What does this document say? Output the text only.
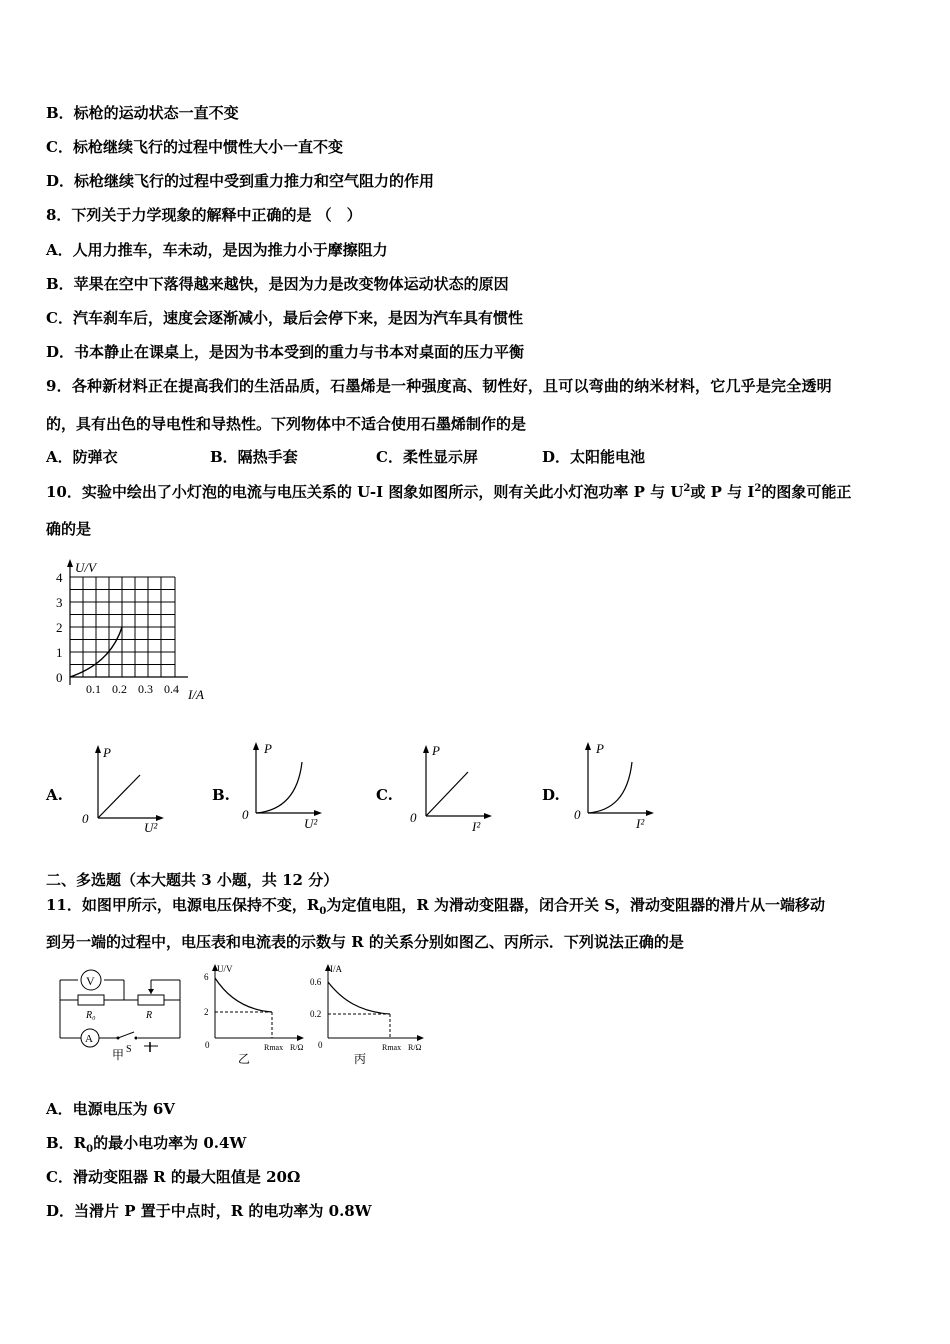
B．标枪的运动状态一直不变
C．标枪继续飞行的过程中惯性大小一直不变
D．标枪继续飞行的过程中受到重力推力和空气阻力的作用
8．下列关于力学现象的解释中正确的是 （　）
A．人用力推车，车未动，是因为推力小于摩擦阻力
B．苹果在空中下落得越来越快，是因为力是改变物体运动状态的原因
C．汽车刹车后，速度会逐渐减小，最后会停下来，是因为汽车具有惯性
D．书本静止在课桌上，是因为书本受到的重力与书本对桌面的压力平衡
9．各种新材料正在提高我们的生活品质，石墨烯是一种强度高、韧性好，且可以弯曲的纳米材料，它几乎是完全透明
的，具有出色的导电性和导热性。下列物体中不适合使用石墨烯制作的是
A．防弹衣	B．隔热手套	C．柔性显示屏	D．太阳能电池
10．实验中绘出了小灯泡的电流与电压关系的 U-I 图象如图所示，则有关此小灯泡功率 P 与 $U^2$或 P 与 $I^2$的图象可能正
确的是
U/V
4
3
2
1
0
0.1 0.2 0.3 0.4 I/A
A.
P
0
U²
B.
P
0
U²
C.
P
0
I²
D.
P
0
I²
二、多选题（本大题共 3 小题，共 12 分）
11．如图甲所示，电源电压保持不变，$R_0$为定值电阻，R 为滑动变阻器，闭合开关 S，滑动变阻器的滑片从一端移动
到另一端的过程中，电压表和电流表的示数与 R 的关系分别如图乙、丙所示．下列说法正确的是
V
A
R₀	R
S
甲
U/V
6
2
0	Rmax R/Ω
乙
I/A
0.6
0.2
0	Rmax R/Ω
丙
A．电源电压为 6V
B．$R_0$的最小电功率为 0.4W
C．滑动变阻器 R 的最大阻值是 20Ω
D．当滑片 P 置于中点时，R 的电功率为 0.8W
